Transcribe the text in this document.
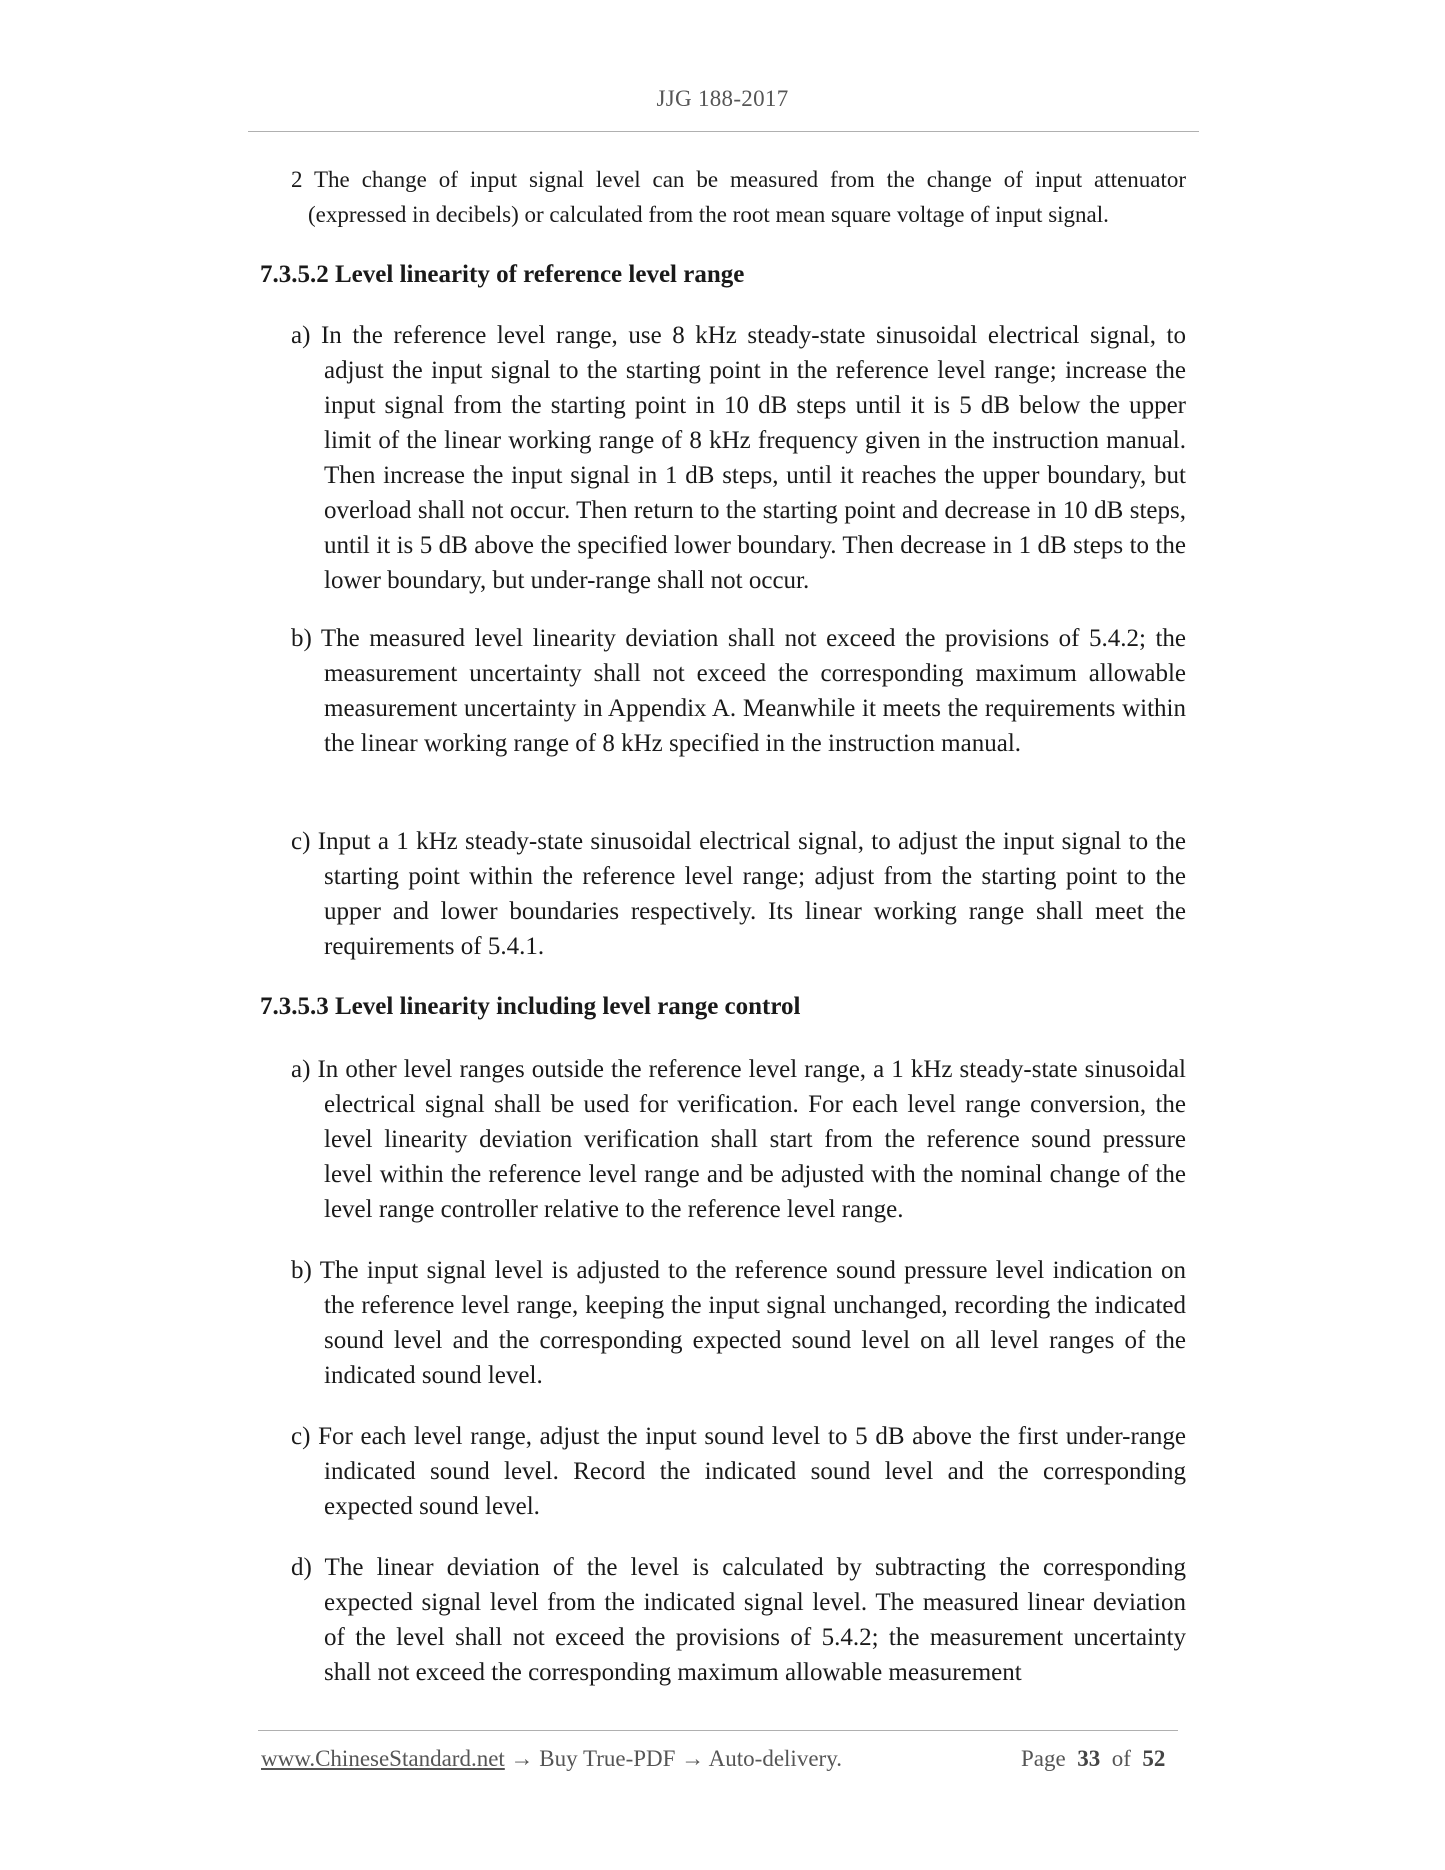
JJG 188-2017
2 The change of input signal level can be measured from the change of input attenuator
(expressed in decibels) or calculated from the root mean square voltage of input signal.
7.3.5.2 Level linearity of reference level range
a) In the reference level range, use 8 kHz steady-state sinusoidal electrical signal, to adjust the input signal to the starting point in the reference level range; increase the input signal from the starting point in 10 dB steps until it is 5 dB below the upper limit of the linear working range of 8 kHz frequency given in the instruction manual. Then increase the input signal in 1 dB steps, until it reaches the upper boundary, but overload shall not occur. Then return to the starting point and decrease in 10 dB steps, until it is 5 dB above the specified lower boundary. Then decrease in 1 dB steps to the lower boundary, but under-range shall not occur.
b) The measured level linearity deviation shall not exceed the provisions of 5.4.2; the measurement uncertainty shall not exceed the corresponding maximum allowable measurement uncertainty in Appendix A. Meanwhile it meets the requirements within the linear working range of 8 kHz specified in the instruction manual.
c) Input a 1 kHz steady-state sinusoidal electrical signal, to adjust the input signal to the starting point within the reference level range; adjust from the starting point to the upper and lower boundaries respectively. Its linear working range shall meet the requirements of 5.4.1.
7.3.5.3 Level linearity including level range control
a) In other level ranges outside the reference level range, a 1 kHz steady-state sinusoidal electrical signal shall be used for verification. For each level range conversion, the level linearity deviation verification shall start from the reference sound pressure level within the reference level range and be adjusted with the nominal change of the level range controller relative to the reference level range.
b) The input signal level is adjusted to the reference sound pressure level indication on the reference level range, keeping the input signal unchanged, recording the indicated sound level and the corresponding expected sound level on all level ranges of the indicated sound level.
c) For each level range, adjust the input sound level to 5 dB above the first under-range indicated sound level. Record the indicated sound level and the corresponding expected sound level.
d) The linear deviation of the level is calculated by subtracting the corresponding expected signal level from the indicated signal level. The measured linear deviation of the level shall not exceed the provisions of 5.4.2; the measurement uncertainty shall not exceed the corresponding maximum allowable measurement
www.ChineseStandard.net → Buy True-PDF → Auto-delivery.	Page 33 of 52
